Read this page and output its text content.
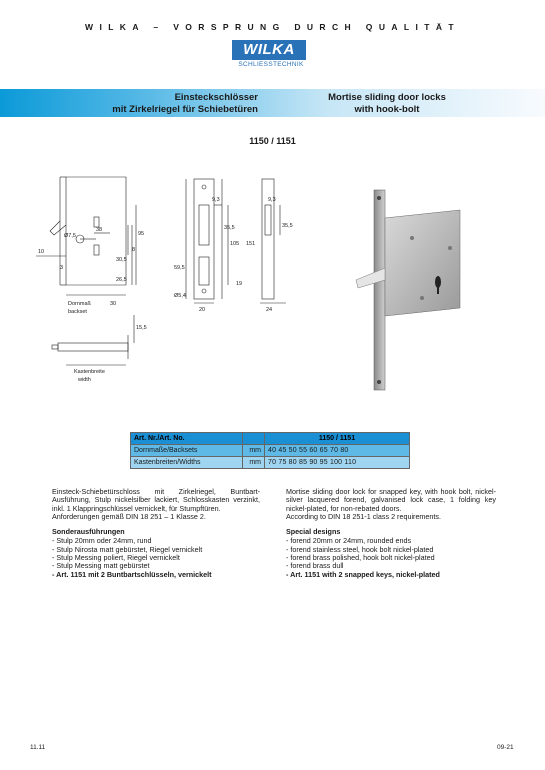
WILKA – VORSPRUNG DURCH QUALITÄT
WILKA
SCHLIESSTECHNIK
Einsteckschlösser
mit Zirkelriegel für Schiebetüren
Mortise sliding door locks
with hook-bolt
1150 / 1151
10
Ø7,5
38
30,5
26,5
8
3
95
Dornmaß
backset
30
9,3
35,5
59,5
105 151
19
Ø5,4
20
9,3
35,5
24
15,5
Kastenbreite
width
Art. Nr./Art. No.		1150 / 1151
Dornmaße/Backsets	mm	40 45 50 55 60 65 70 80
Kastenbreiten/Widths	mm	70 75 80 85 90 95 100 110

Einsteck-Schiebetürschloss mit Zirkelriegel, Buntbart-Ausführung, Stulp nickelsilber lackiert, Schlosskasten verzinkt, inkl. 1 Klappringschlüssel vernickelt, für Stumpftüren.

Anforderungen gemäß DIN 18 251 – 1 Klasse 2.

Sonderausführungen
- Stulp 20mm oder 24mm, rund
- Stulp Nirosta matt gebürstet, Riegel vernickelt
- Stulp Messing poliert, Riegel vernickelt
- Stulp Messing matt gebürstet
- Art. 1151 mit 2 Buntbartschlüsseln, vernickelt

Mortise sliding door lock for snapped key, with hook bolt, nickel-silver lacquered forend, galvanised lock case, 1 folding key nickel-plated, for non-rebated doors.

According to DIN 18 251-1 class 2 requirements.

Special designs
- forend 20mm or 24mm, rounded ends
- forend stainless steel, hook bolt nickel-plated
- forend brass polished, hook bolt nickel-plated
- forend brass dull
- Art. 1151 with 2 snapped keys, nickel-plated
11.11	09-21
